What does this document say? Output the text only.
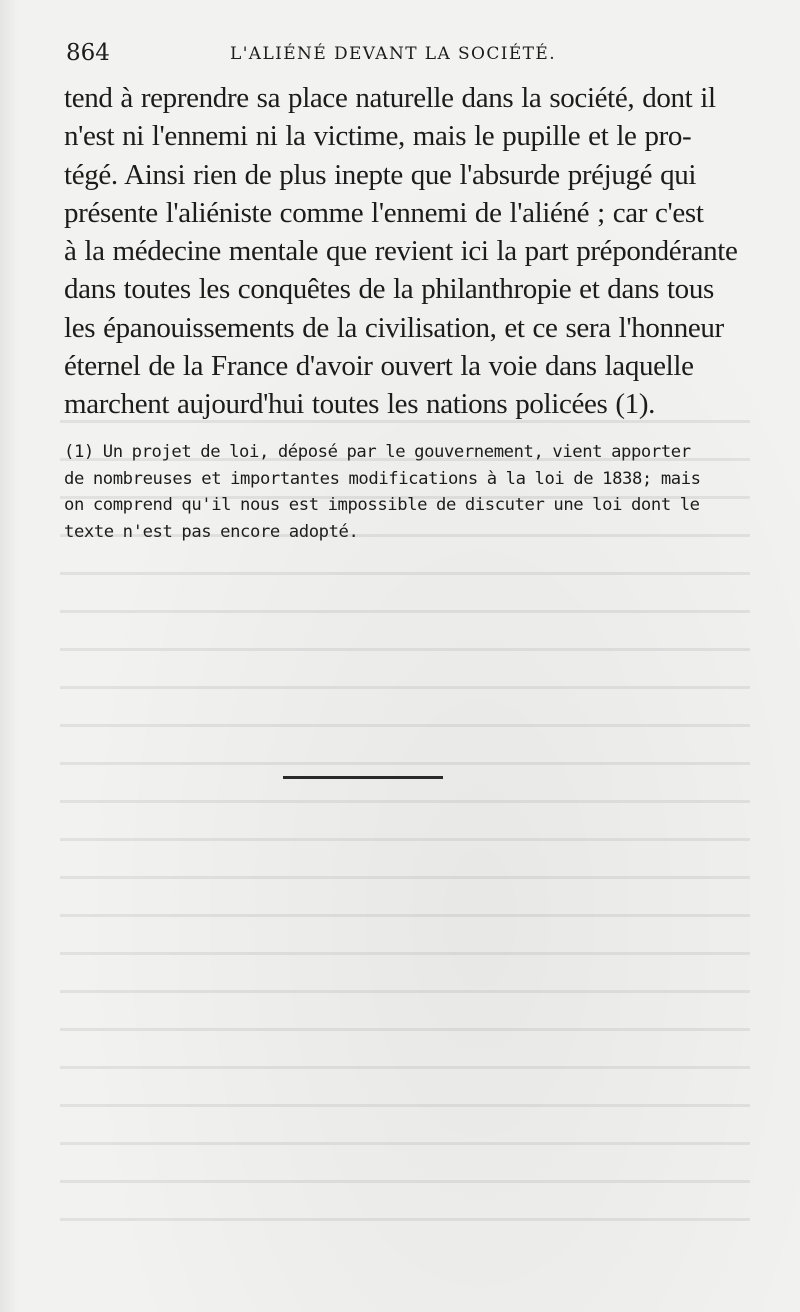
864	L'ALIÉNÉ DEVANT LA SOCIÉTÉ.

tend à reprendre sa place naturelle dans la société, dont il
n'est ni l'ennemi ni la victime, mais le pupille et le pro-
tégé. Ainsi rien de plus inepte que l'absurde préjugé qui
présente l'aliéniste comme l'ennemi de l'aliéné ; car c'est
à la médecine mentale que revient ici la part prépondérante
dans toutes les conquêtes de la philanthropie et dans tous
les épanouissements de la civilisation, et ce sera l'honneur
éternel de la France d'avoir ouvert la voie dans laquelle
marchent aujourd'hui toutes les nations policées (1).

(1) Un projet de loi, déposé par le gouvernement, vient apporter
de nombreuses et importantes modifications à la loi de 1838; mais
on comprend qu'il nous est impossible de discuter une loi dont le
texte n'est pas encore adopté.
